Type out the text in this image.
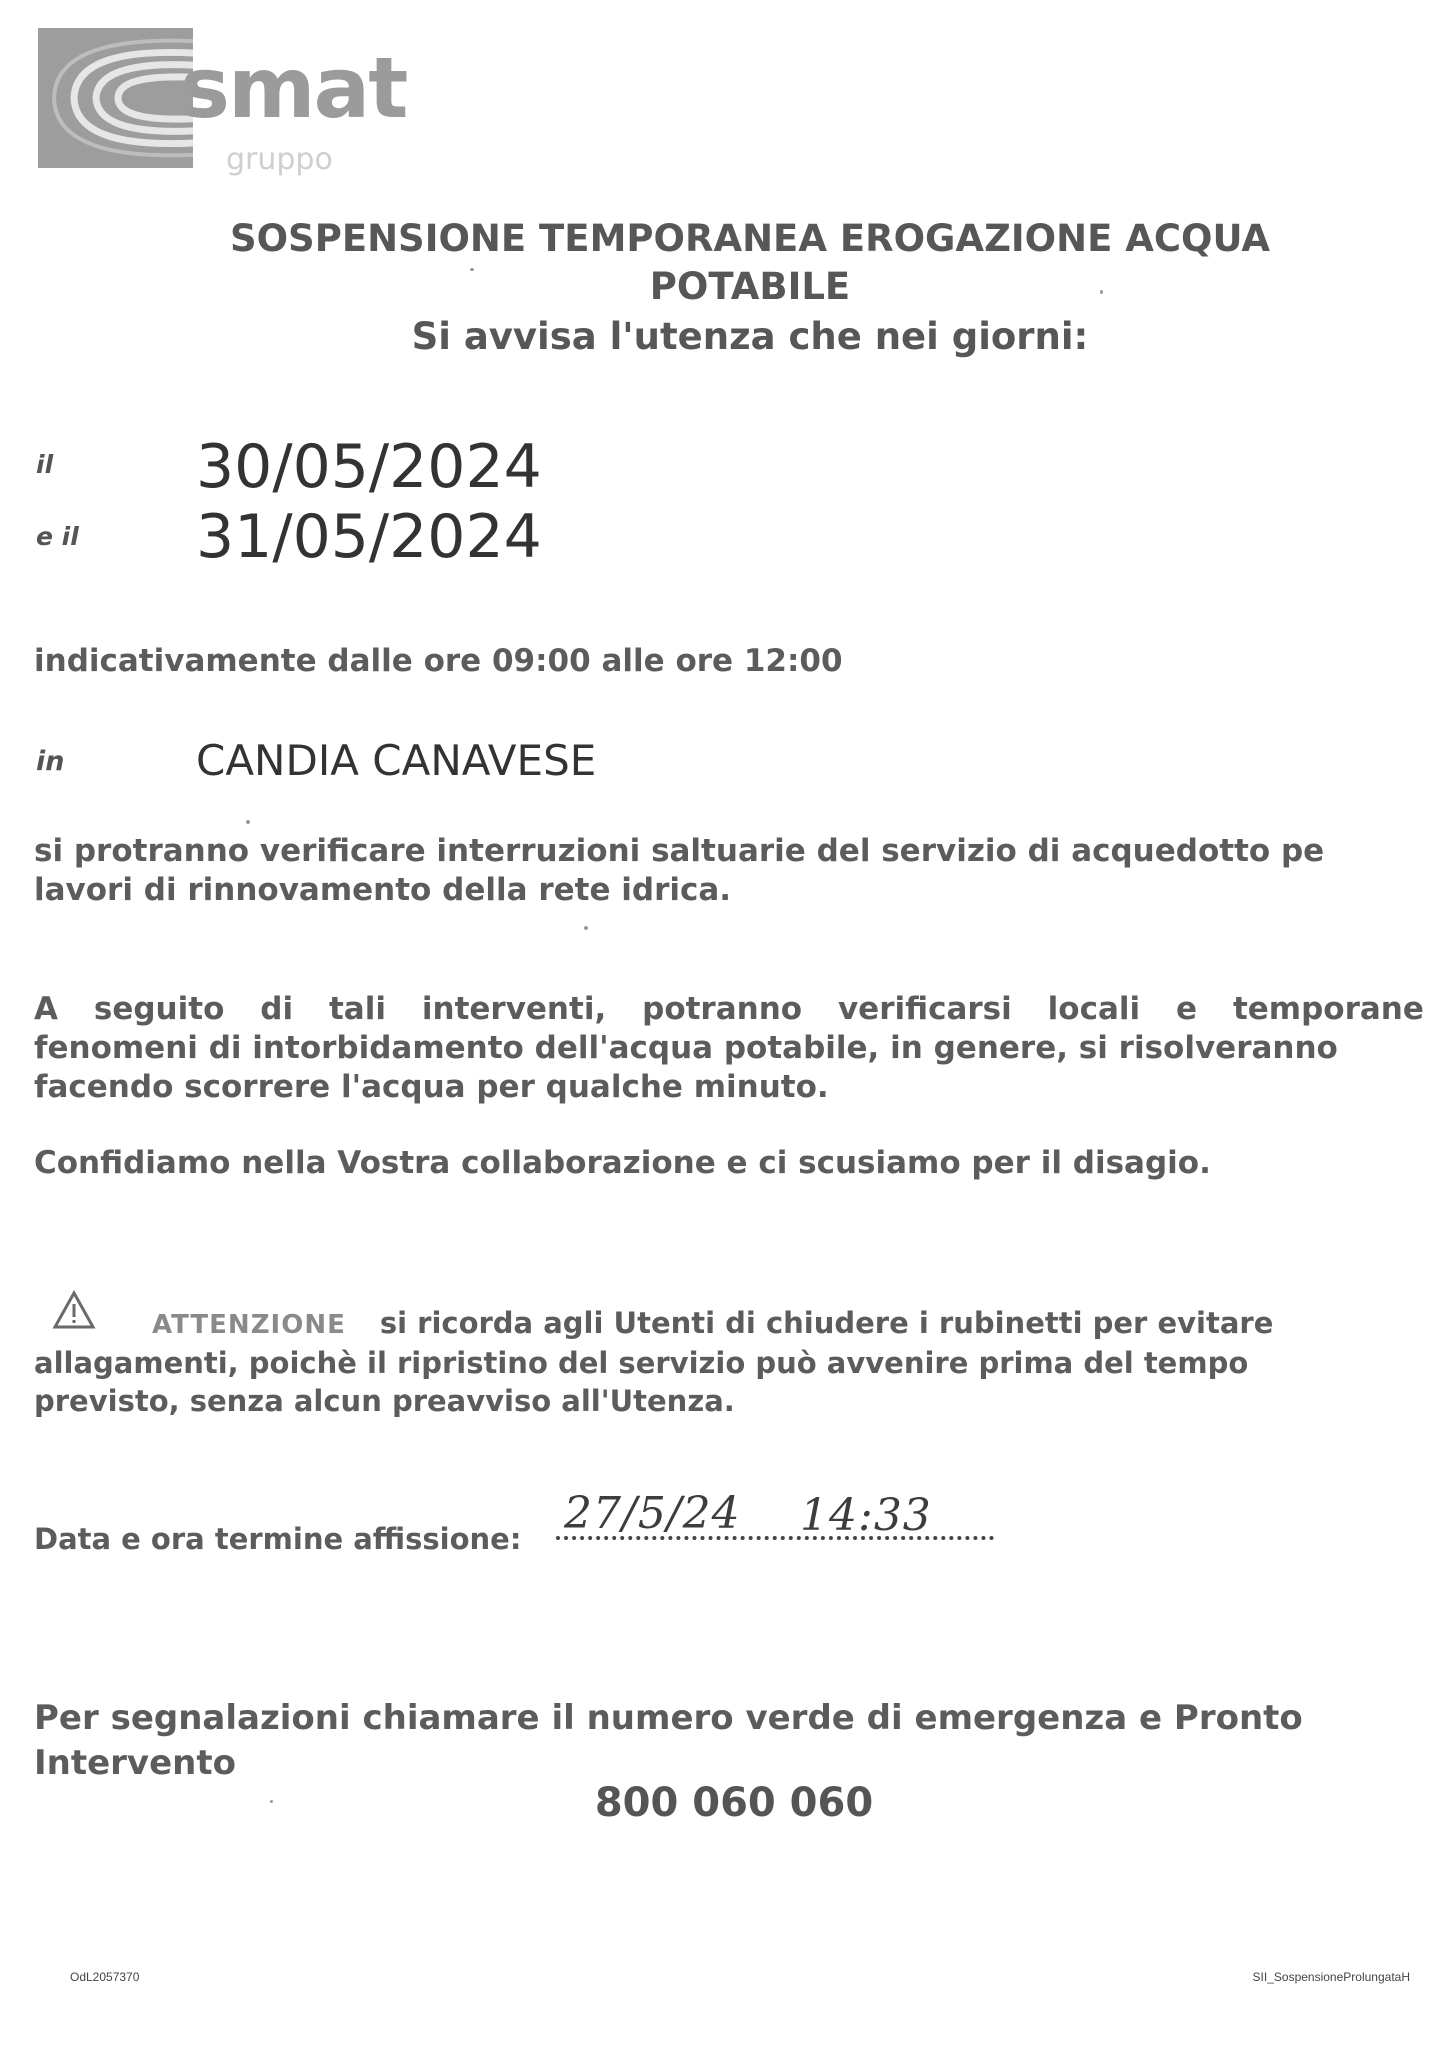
smat
gruppo
SOSPENSIONE TEMPORANEA EROGAZIONE ACQUA
POTABILE
Si avvisa l'utenza che nei giorni:
il 30/05/2024
e il 31/05/2024
indicativamente dalle ore 09:00 alle ore 12:00
in	CANDIA CANAVESE
si protranno verificare interruzioni saltuarie del servizio di acquedotto pe
lavori di rinnovamento della rete idrica.
A seguito di tali interventi, potranno verificarsi locali e temporane
fenomeni di intorbidamento dell'acqua potabile, in genere, si risolveranno
facendo scorrere l'acqua per qualche minuto.
Confidiamo nella Vostra collaborazione e ci scusiamo per il disagio.
ATTENZIONE si ricorda agli Utenti di chiudere i rubinetti per evitare
allagamenti, poichè il ripristino del servizio può avvenire prima del tempo
previsto, senza alcun preavviso all'Utenza.
Data e ora termine affissione: 27/5/24 14:33
Per segnalazioni chiamare il numero verde di emergenza e Pronto
Intervento
800 060 060
OdL2057370	SII_SospensioneProlungataH
